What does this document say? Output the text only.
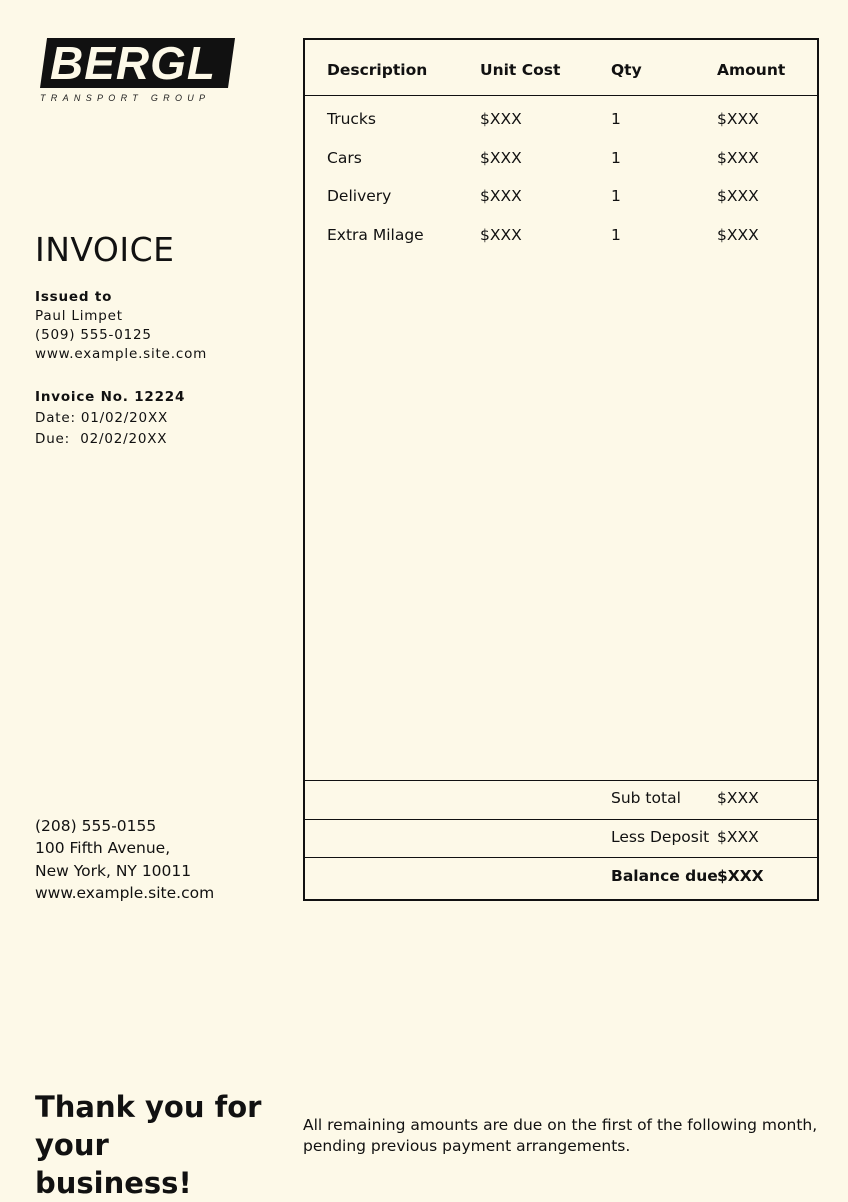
BERGL
TRANSPORT GROUP
INVOICE
Issued to
Paul Limpet
(509) 555-0125
www.example.site.com
Invoice No. 12224
Date: 01/02/20XX
Due:  02/02/20XX
Description	Unit Cost	Qty	Amount
Trucks	$XXX	1	$XXX
Cars	$XXX	1	$XXX
Delivery	$XXX	1	$XXX
Extra Milage	$XXX	1	$XXX
Sub total $XXX
Less Deposit $XXX
Balance due $XXX
(208) 555-0155
100 Fifth Avenue,
New York, NY 10011
www.example.site.com
Thank you for
your business!
All remaining amounts are due on the first of the following month,
pending previous payment arrangements.
